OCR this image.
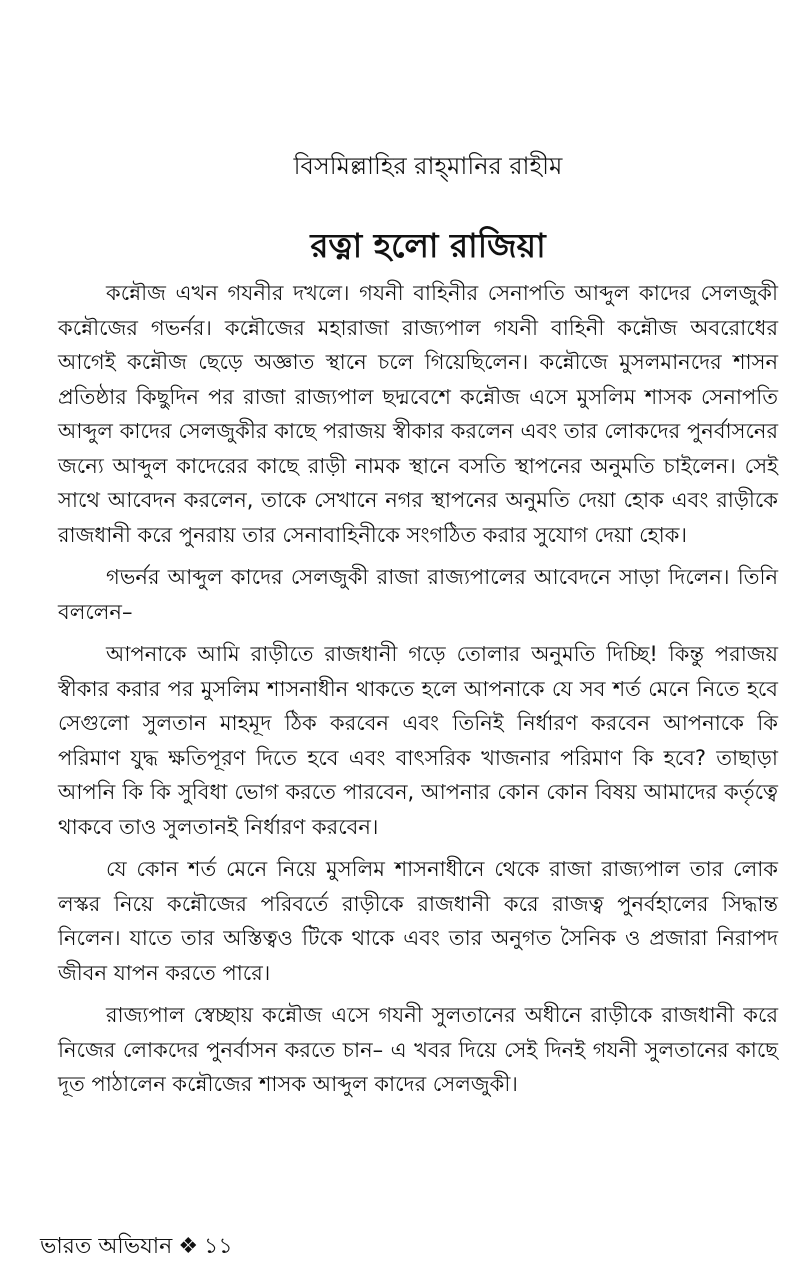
বিসমিল্লাহির রাহ্‌মানির রাহীম
রত্না হলো রাজিয়া

কন্নৌজ এখন গযনীর দখলে। গযনী বাহিনীর সেনাপতি আব্দুল কাদের সেলজুকী কন্নৌজের গভর্নর। কন্নৌজের মহারাজা রাজ্যপাল গযনী বাহিনী কন্নৌজ অবরোধের আগেই কন্নৌজ ছেড়ে অজ্ঞাত স্থানে চলে গিয়েছিলেন। কন্নৌজে মুসলমানদের শাসন প্রতিষ্ঠার কিছুদিন পর রাজা রাজ্যপাল ছদ্মবেশে কন্নৌজ এসে মুসলিম শাসক সেনাপতি আব্দুল কাদের সেলজুকীর কাছে পরাজয় স্বীকার করলেন এবং তার লোকদের পুনর্বাসনের জন্যে আব্দুল কাদেরের কাছে রাড়ী নামক স্থানে বসতি স্থাপনের অনুমতি চাইলেন। সেই সাথে আবেদন করলেন, তাকে সেখানে নগর স্থাপনের অনুমতি দেয়া হোক এবং রাড়ীকে রাজধানী করে পুনরায় তার সেনাবাহিনীকে সংগঠিত করার সুযোগ দেয়া হোক।

গভর্নর আব্দুল কাদের সেলজুকী রাজা রাজ্যপালের আবেদনে সাড়া দিলেন। তিনি বললেন–

আপনাকে আমি রাড়ীতে রাজধানী গড়ে তোলার অনুমতি দিচ্ছি! কিন্তু পরাজয় স্বীকার করার পর মুসলিম শাসনাধীন থাকতে হলে আপনাকে যে সব শর্ত মেনে নিতে হবে সেগুলো সুলতান মাহমূদ ঠিক করবেন এবং তিনিই নির্ধারণ করবেন আপনাকে কি পরিমাণ যুদ্ধ ক্ষতিপূরণ দিতে হবে এবং বাৎসরিক খাজনার পরিমাণ কি হবে? তাছাড়া আপনি কি কি সুবিধা ভোগ করতে পারবেন, আপনার কোন কোন বিষয় আমাদের কর্তৃত্বে থাকবে তাও সুলতানই নির্ধারণ করবেন।

যে কোন শর্ত মেনে নিয়ে মুসলিম শাসনাধীনে থেকে রাজা রাজ্যপাল তার লোক লস্কর নিয়ে কন্নৌজের পরিবর্তে রাড়ীকে রাজধানী করে রাজত্ব পুনর্বহালের সিদ্ধান্ত নিলেন। যাতে তার অস্তিত্বও টিকে থাকে এবং তার অনুগত সৈনিক ও প্রজারা নিরাপদ জীবন যাপন করতে পারে।

রাজ্যপাল স্বেচ্ছায় কন্নৌজ এসে গযনী সুলতানের অধীনে রাড়ীকে রাজধানী করে নিজের লোকদের পুনর্বাসন করতে চান– এ খবর দিয়ে সেই দিনই গযনী সুলতানের কাছে দূত পাঠালেন কন্নৌজের শাসক আব্দুল কাদের সেলজুকী।

ভারত অভিযান ❖ ১১
